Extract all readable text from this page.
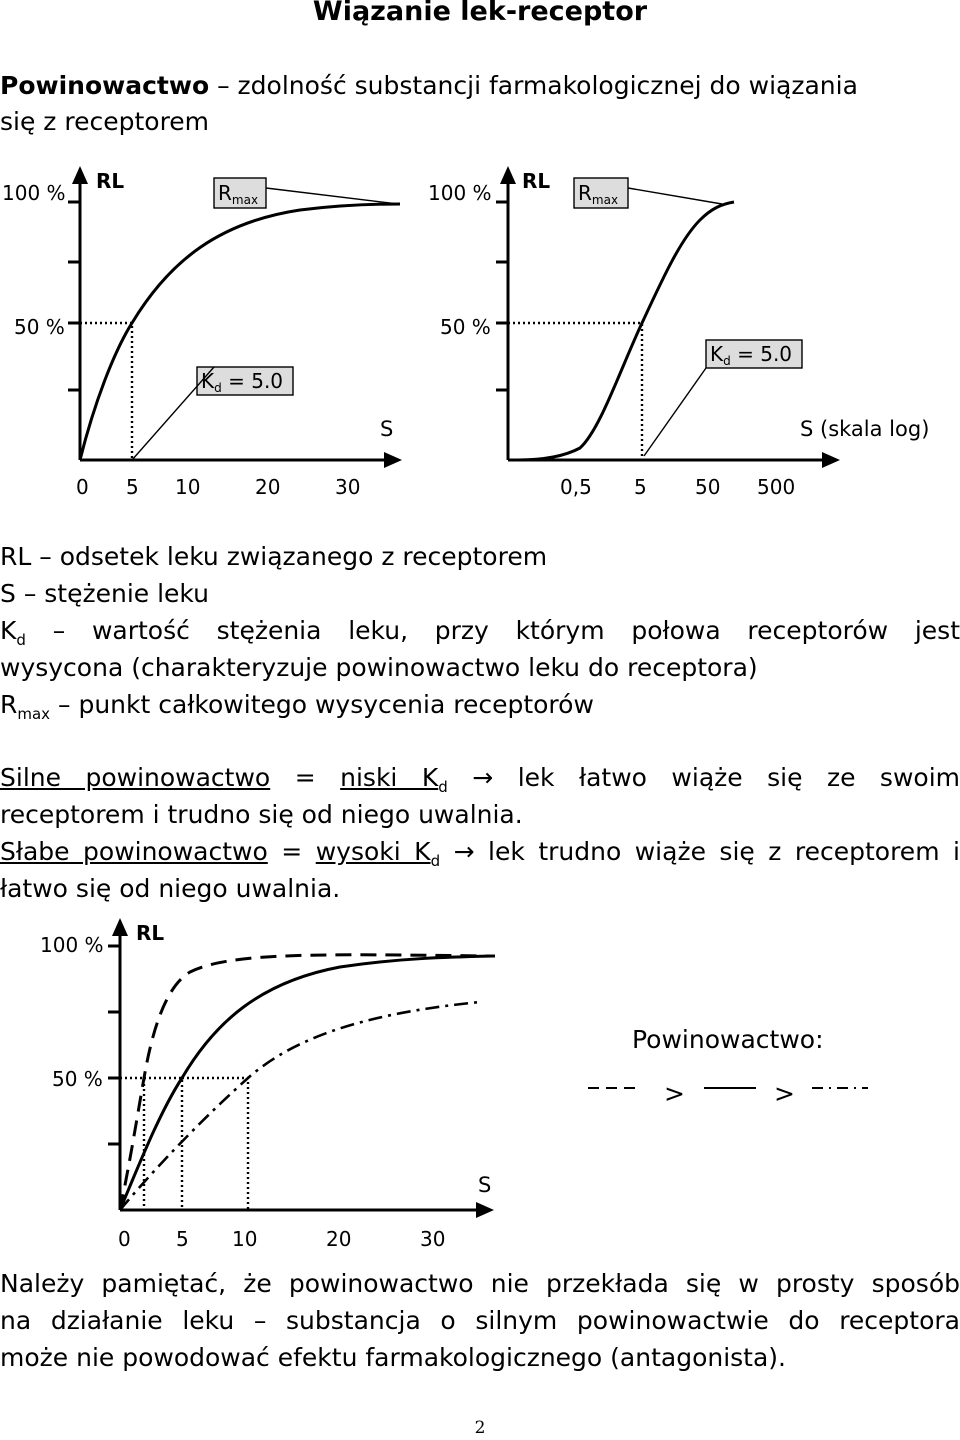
Wiązanie lek-receptor
Powinowactwo – zdolność substancji farmakologicznej do wiązania
się z receptorem
RL
100 %
50 %
S
0 5 10	20	30
$R_{max}$
$K_d = 5.0$
RL
100 %
50 %
S (skala log)
0,5 5 50 500
$R_{max}$
$K_d = 5.0$
RL – odsetek leku związanego z receptorem
S – stężenie leku
$K_d$ – wartość stężenia leku, przy którym połowa receptorów jest
wysycona (charakteryzuje powinowactwo leku do receptora)
$R_{max}$ – punkt całkowitego wysycenia receptorów
Silne powinowactwo = niski $K_d$ → lek łatwo wiąże się ze swoim
receptorem i trudno się od niego uwalnia.
Słabe powinowactwo = wysoki $K_d$ → lek trudno wiąże się z receptorem i
łatwo się od niego uwalnia.
RL
100 %
50 %
S
0 5 10	20	30
Powinowactwo:
>	>
Należy pamiętać, że powinowactwo nie przekłada się w prosty sposób
na działanie leku – substancja o silnym powinowactwie do receptora
może nie powodować efektu farmakologicznego (antagonista).
2
